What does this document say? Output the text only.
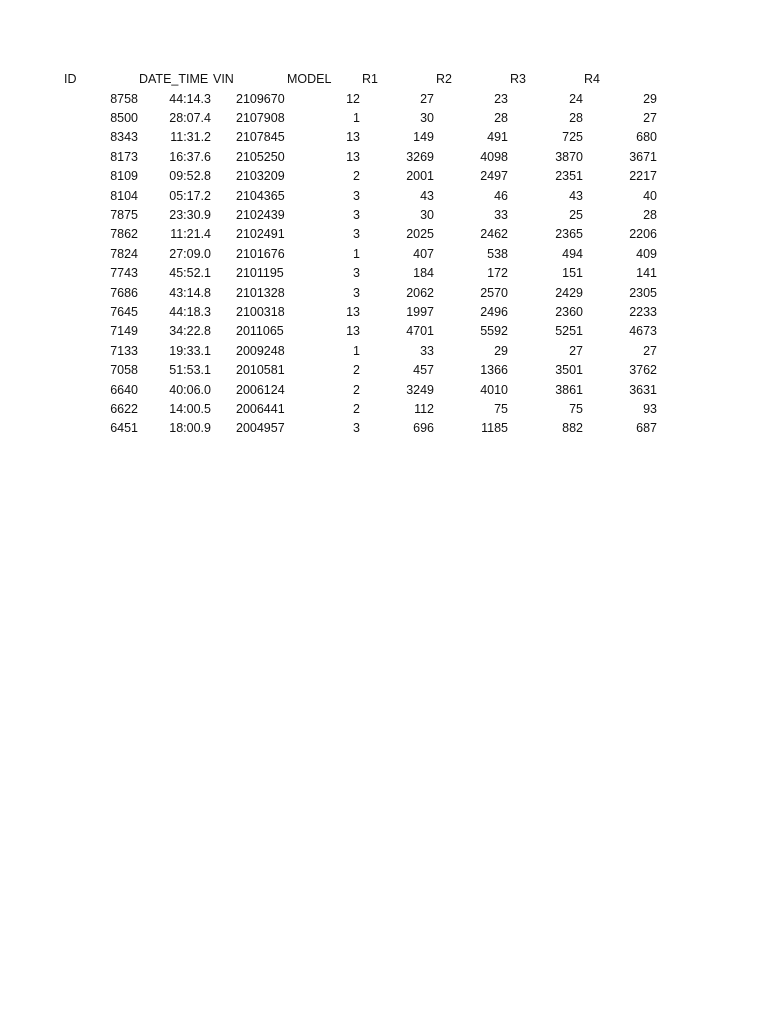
ID	DATE_TIME VIN	MODEL R1	R2	R3	R4
8758	44:14.3 2109670	12	27	23	24	29
8500	28:07.4 2107908	1	30	28	28	27
8343	11:31.2 2107845	13	149	491	725	680
8173	16:37.6 2105250	13	3269	4098	3870	3671
8109	09:52.8 2103209	2	2001	2497	2351	2217
8104	05:17.2 2104365	3	43	46	43	40
7875	23:30.9 2102439	3	30	33	25	28
7862	11:21.4 2102491	3	2025	2462	2365	2206
7824	27:09.0 2101676	1	407	538	494	409
7743	45:52.1 2101195	3	184	172	151	141
7686	43:14.8 2101328	3	2062	2570	2429	2305
7645	44:18.3 2100318	13	1997	2496	2360	2233
7149	34:22.8 2011065	13	4701	5592	5251	4673
7133	19:33.1 2009248	1	33	29	27	27
7058	51:53.1 2010581	2	457	1366	3501	3762
6640	40:06.0 2006124	2	3249	4010	3861	3631
6622	14:00.5 2006441	2	112	75	75	93
6451	18:00.9 2004957	3	696	1185	882	687
